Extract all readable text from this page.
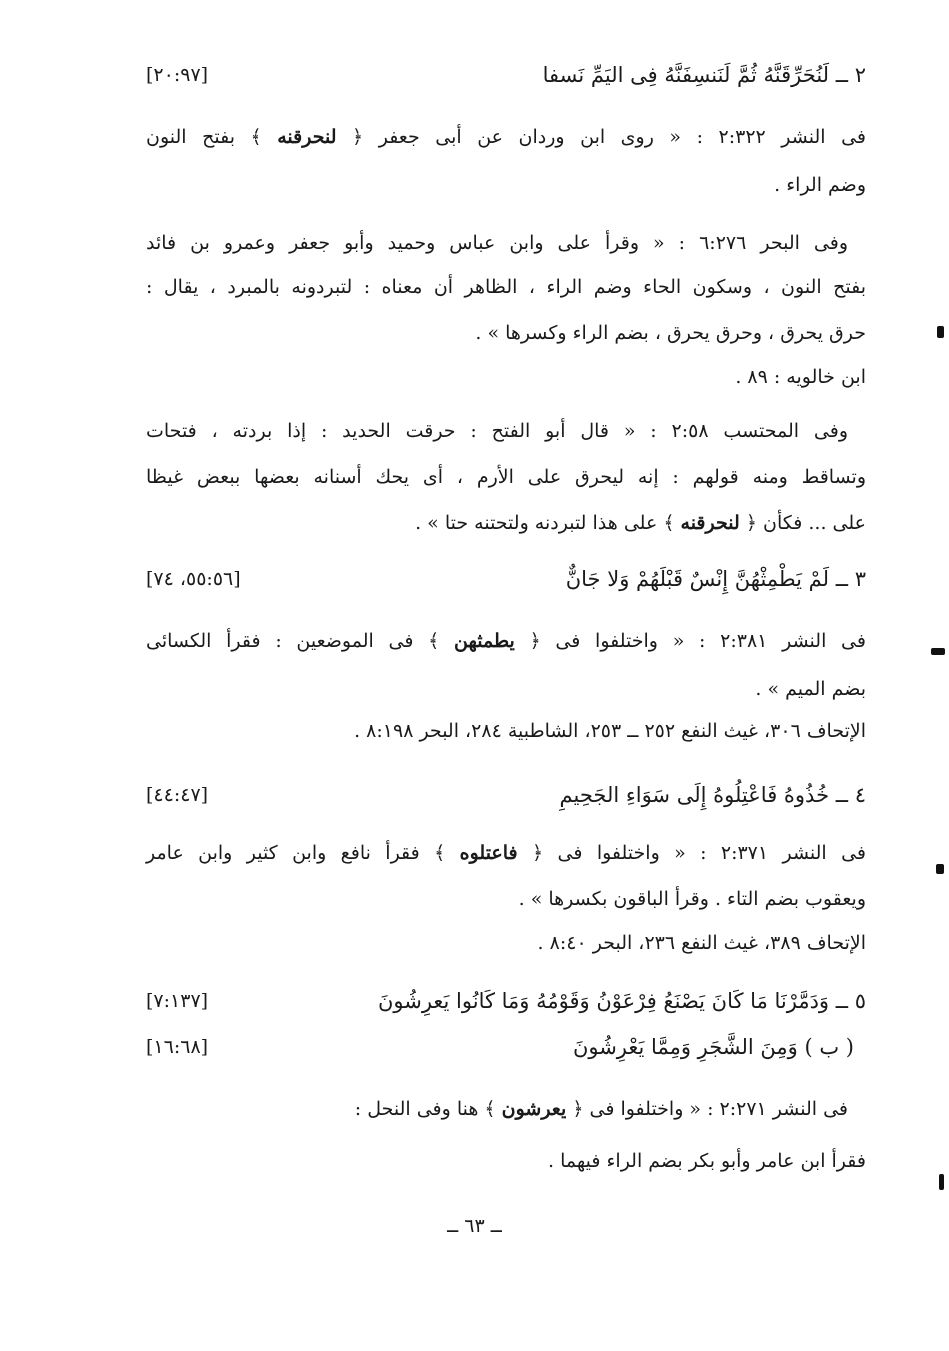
٢ ــ لَنُحَرِّقَنَّهُ ثُمَّ لَنَنسِفَنَّهُ فِى اليَمِّ نَسفا
[٢٠:٩٧]
فى النشر ٢:٣٢٢ : « روى ابن وردان عن أبى جعفر ﴿ لنحرقنه ﴾ بفتح النون
وضم الراء .
وفى البحر ٦:٢٧٦ : « وقرأ على وابن عباس وحميد وأبو جعفر وعمرو بن فائد
بفتح النون ، وسكون الحاء وضم الراء ، الظاهر أن معناه : لتبردونه بالمبرد ، يقال :
حرق يحرق ، وحرق يحرق ، بضم الراء وكسرها » .
ابن خالويه : ٨٩ .
وفى المحتسب ٢:٥٨ : « قال أبو الفتح : حرقت الحديد : إذا بردته ، فتحات
وتساقط ومنه قولهم : إنه ليحرق على الأرم ، أى يحك أسنانه بعضها ببعض غيظا
على ... فكأن ﴿ لنحرقنه ﴾ على هذا لتبردنه ولتحتنه حتا » .
٣ ــ لَمْ يَطْمِثْهُنَّ إِنْسٌ قَبْلَهُمْ وَلا جَانٌّ
[٥٥:٥٦، ٧٤]
فى النشر ٢:٣٨١ : « واختلفوا فى ﴿ يطمثهن ﴾ فى الموضعين : فقرأ الكسائى
بضم الميم » .
الإتحاف ٣٠٦، غيث النفع ٢٥٢ ــ ٢٥٣، الشاطبية ٢٨٤، البحر ٨:١٩٨ .
٤ ــ خُذُوهُ فَاعْتِلُوهُ إِلَى سَوَاءِ الجَحِيمِ
[٤٤:٤٧]
فى النشر ٢:٣٧١ : « واختلفوا فى ﴿ فاعتلوه ﴾ فقرأ نافع وابن كثير وابن عامر
ويعقوب بضم التاء . وقرأ الباقون بكسرها » .
الإتحاف ٣٨٩، غيث النفع ٢٣٦، البحر ٨:٤٠ .
٥ ــ وَدَمَّرْنَا مَا كَانَ يَصْنَعُ فِرْعَوْنُ وَقَوْمُهُ وَمَا كَانُوا يَعرِشُونَ
[٧:١٣٧]
( ب ) وَمِنَ الشَّجَرِ وَمِمَّا يَعْرِشُونَ
[١٦:٦٨]
فى النشر ٢:٢٧١ : « واختلفوا فى ﴿ يعرشون ﴾ هنا وفى النحل :
فقرأ ابن عامر وأبو بكر بضم الراء فيهما .
ــ ٦٣ ــ
